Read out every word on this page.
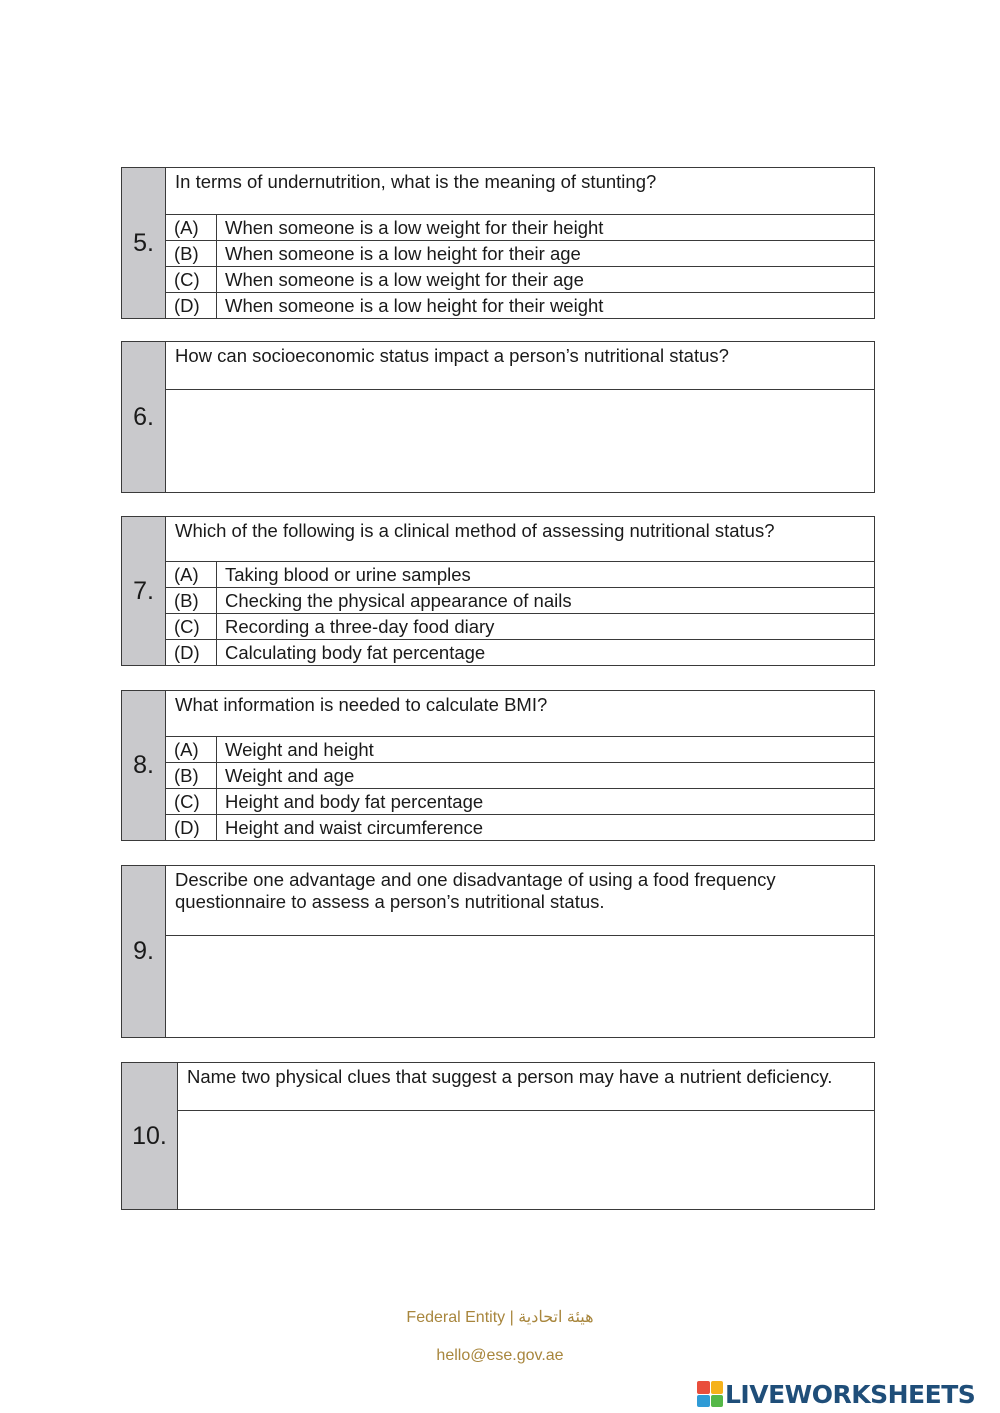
5.
In terms of undernutrition, what is the meaning of stunting?
(A)	When someone is a low weight for their height
(B)	When someone is a low height for their age
(C)	When someone is a low weight for their age
(D)	When someone is a low height for their weight
6.
How can socioeconomic status impact a person’s nutritional status?
7.
Which of the following is a clinical method of assessing nutritional status?
(A)	Taking blood or urine samples
(B)	Checking the physical appearance of nails
(C)	Recording a three-day food diary
(D)	Calculating body fat percentage
8.
What information is needed to calculate BMI?
(A)	Weight and height
(B)	Weight and age
(C)	Height and body fat percentage
(D)	Height and waist circumference
9.
Describe one advantage and one disadvantage of using a food frequency questionnaire to assess a person’s nutritional status.
10.
Name two physical clues that suggest a person may have a nutrient deficiency.
Federal Entity | هيئة اتحادية
hello@ese.gov.ae
LIVEWORKSHEETS
